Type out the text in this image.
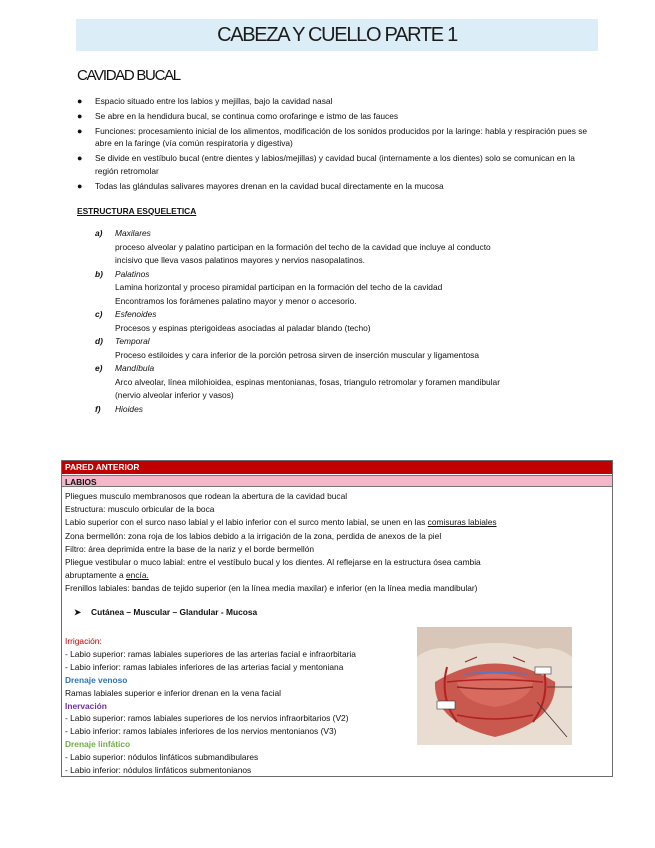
CABEZA Y CUELLO PARTE 1
CAVIDAD BUCAL
● Espacio situado entre los labios y mejillas, bajo la cavidad nasal
● Se abre en la hendidura bucal, se continua como orofaringe e istmo de las fauces
● Funciones: procesamiento inicial de los alimentos, modificación de los sonidos producidos por la laringe: habla y respiración pues se abre en la faringe (vía común respiratoria y digestiva)
● Se divide en vestíbulo bucal (entre dientes y labios/mejillas) y cavidad bucal (internamente a los dientes) solo se comunican en la región retromolar
● Todas las glándulas salivares mayores drenan en la cavidad bucal directamente en la mucosa
ESTRUCTURA ESQUELETICA
a)	Maxilares
proceso alveolar y palatino participan en la formación del techo de la cavidad que incluye al conducto
incisivo que lleva vasos palatinos mayores y nervios nasopalatinos.
b)	Palatinos
Lamina horizontal y proceso piramidal participan en la formación del techo de la cavidad
Encontramos los forámenes palatino mayor y menor o accesorio.
c)	Esfenoides
Procesos y espinas pterigoideas asociadas al paladar blando (techo)
d)	Temporal
Proceso estiloides y cara inferior de la porción petrosa sirven de inserción muscular y ligamentosa
e)	Mandíbula
Arco alveolar, línea milohioidea, espinas mentonianas, fosas, triangulo retromolar y foramen mandibular
(nervio alveolar inferior y vasos)
f)	Hioides
PARED ANTERIOR
LABIOS
Pliegues musculo membranosos que rodean la abertura de la cavidad bucal
Estructura: musculo orbicular de la boca
Labio superior con el surco naso labial y el labio inferior con el surco mento labial, se unen en las comisuras labiales
Zona bermellón: zona roja de los labios debido a la irrigación de la zona, perdida de anexos de la piel
Filtro: área deprimida entre la base de la nariz y el borde bermellón
Pliegue vestibular o muco labial: entre el vestíbulo bucal y los dientes. Al reflejarse en la estructura ósea cambia
abruptamente a encía.
Frenillos labiales: bandas de tejido superior (en la línea media maxilar) e inferior (en la línea media mandibular)
➤ Cutánea – Muscular – Glandular - Mucosa
Irrigación:
- Labio superior: ramas labiales superiores de las arterias facial e infraorbitaria
- Labio inferior: ramas labiales inferiores de las arterias facial y mentoniana
Drenaje venoso
Ramas labiales superior e inferior drenan en la vena facial
Inervación
- Labio superior: ramos labiales superiores de los nervios infraorbitarios (V2)
- Labio inferior: ramos labiales inferiores de los nervios mentonianos (V3)
Drenaje linfático
- Labio superior: nódulos linfáticos submandibulares
- Labio inferior: nódulos linfáticos submentonianos
